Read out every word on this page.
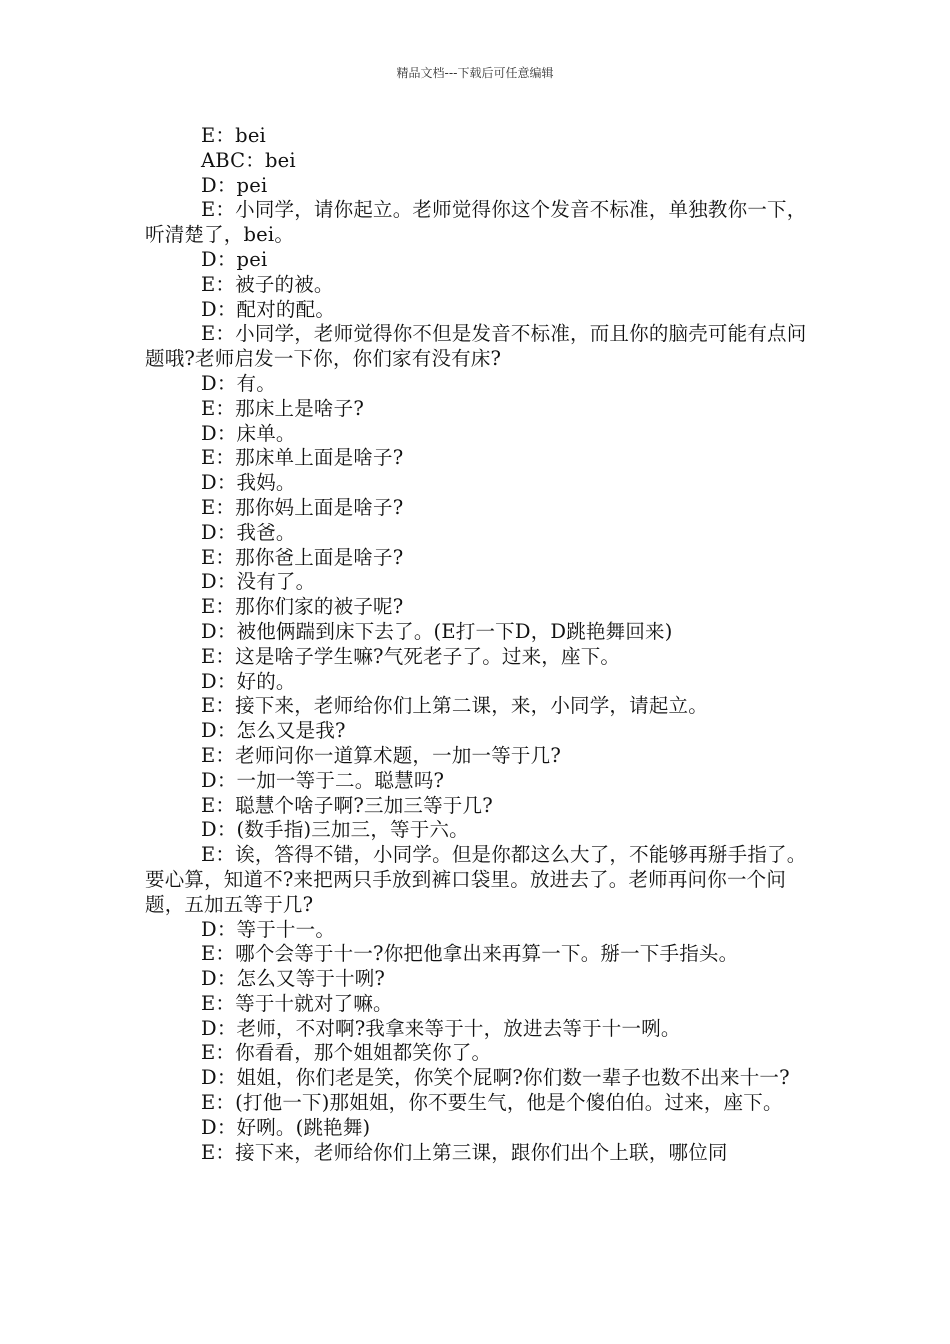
精品文档---下载后可任意编辑

E：bei

ABC：bei

D：pei

E：小同学，请你起立。老师觉得你这个发音不标准，单独教你一下，听清楚了，bei。

D：pei

E：被子的被。

D：配对的配。

E：小同学，老师觉得你不但是发音不标准，而且你的脑壳可能有点问题哦?老师启发一下你，你们家有没有床?

D：有。

E：那床上是啥子?

D：床单。

E：那床单上面是啥子?

D：我妈。

E：那你妈上面是啥子?

D：我爸。

E：那你爸上面是啥子?

D：没有了。

E：那你们家的被子呢?

D：被他俩踹到床下去了。(E打一下D，D跳艳舞回来)

E：这是啥子学生嘛?气死老子了。过来，座下。

D：好的。

E：接下来，老师给你们上第二课，来，小同学，请起立。

D：怎么又是我?

E：老师问你一道算术题，一加一等于几?

D：一加一等于二。聪慧吗?

E：聪慧个啥子啊?三加三等于几?

D：(数手指)三加三，等于六。

E：诶，答得不错，小同学。但是你都这么大了，不能够再掰手指了。要心算，知道不?来把两只手放到裤口袋里。放进去了。老师再问你一个问题，五加五等于几?

D：等于十一。

E：哪个会等于十一?你把他拿出来再算一下。掰一下手指头。

D：怎么又等于十咧?

E：等于十就对了嘛。

D：老师，不对啊?我拿来等于十，放进去等于十一咧。

E：你看看，那个姐姐都笑你了。

D：姐姐，你们老是笑，你笑个屁啊?你们数一辈子也数不出来十一?

E：(打他一下)那姐姐，你不要生气，他是个傻伯伯。过来，座下。

D：好咧。(跳艳舞)

E：接下来，老师给你们上第三课，跟你们出个上联，哪位同
